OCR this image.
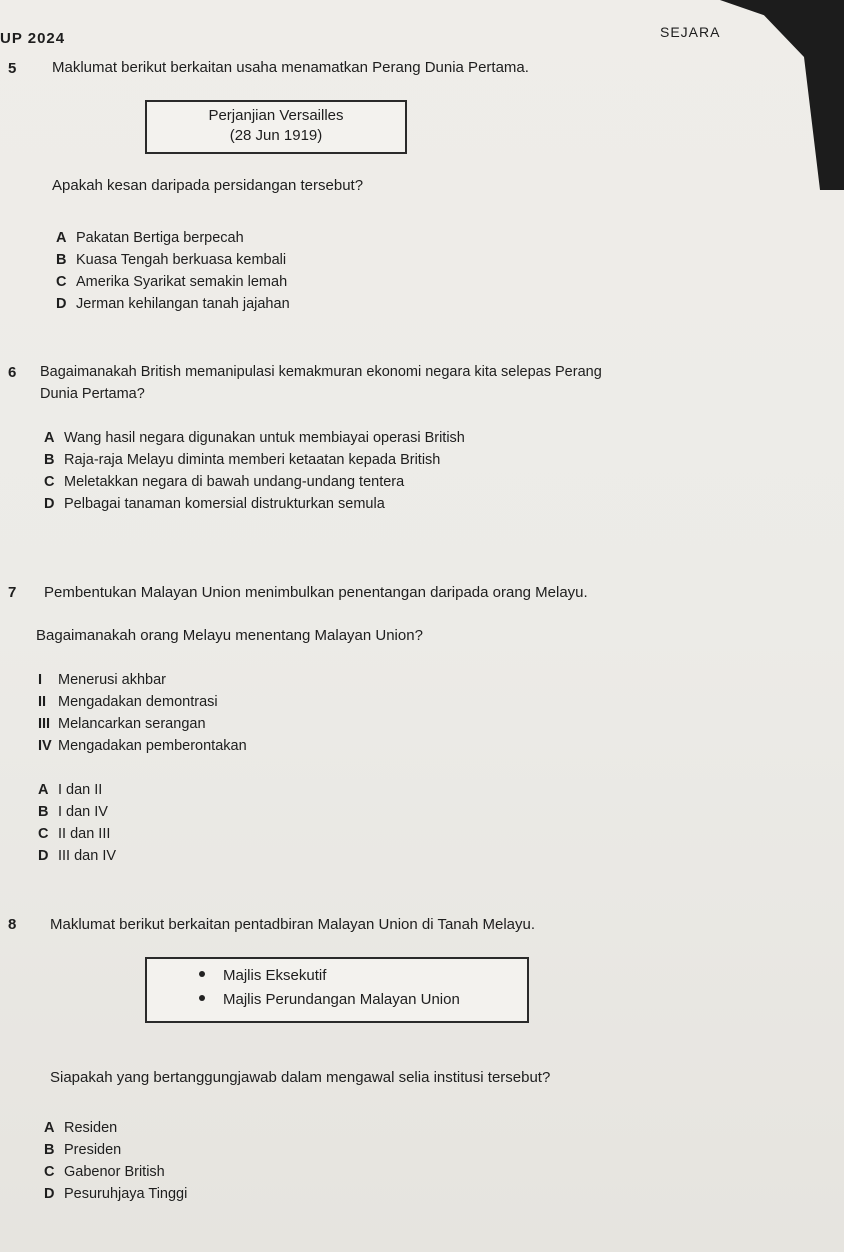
UP 2024	SEJARA
5 Maklumat berikut berkaitan usaha menamatkan Perang Dunia Pertama.
Perjanjian Versailles
(28 Jun 1919)
Apakah kesan daripada persidangan tersebut?
A Pakatan Bertiga berpecah
B Kuasa Tengah berkuasa kembali
C Amerika Syarikat semakin lemah
D Jerman kehilangan tanah jajahan
6 Bagaimanakah British memanipulasi kemakmuran ekonomi negara kita selepas Perang
Dunia Pertama?
A Wang hasil negara digunakan untuk membiayai operasi British
B Raja-raja Melayu diminta memberi ketaatan kepada British
C Meletakkan negara di bawah undang-undang tentera
D Pelbagai tanaman komersial distrukturkan semula
7 Pembentukan Malayan Union menimbulkan penentangan daripada orang Melayu.
Bagaimanakah orang Melayu menentang Malayan Union?
I Menerusi akhbar
II Mengadakan demontrasi
III Melancarkan serangan
IV Mengadakan pemberontakan
A I dan II
B I dan IV
C II dan III
D III dan IV
8 Maklumat berikut berkaitan pentadbiran Malayan Union di Tanah Melayu.
Majlis Eksekutif
Majlis Perundangan Malayan Union
Siapakah yang bertanggungjawab dalam mengawal selia institusi tersebut?
A Residen
B Presiden
C Gabenor British
D Pesuruhjaya Tinggi
